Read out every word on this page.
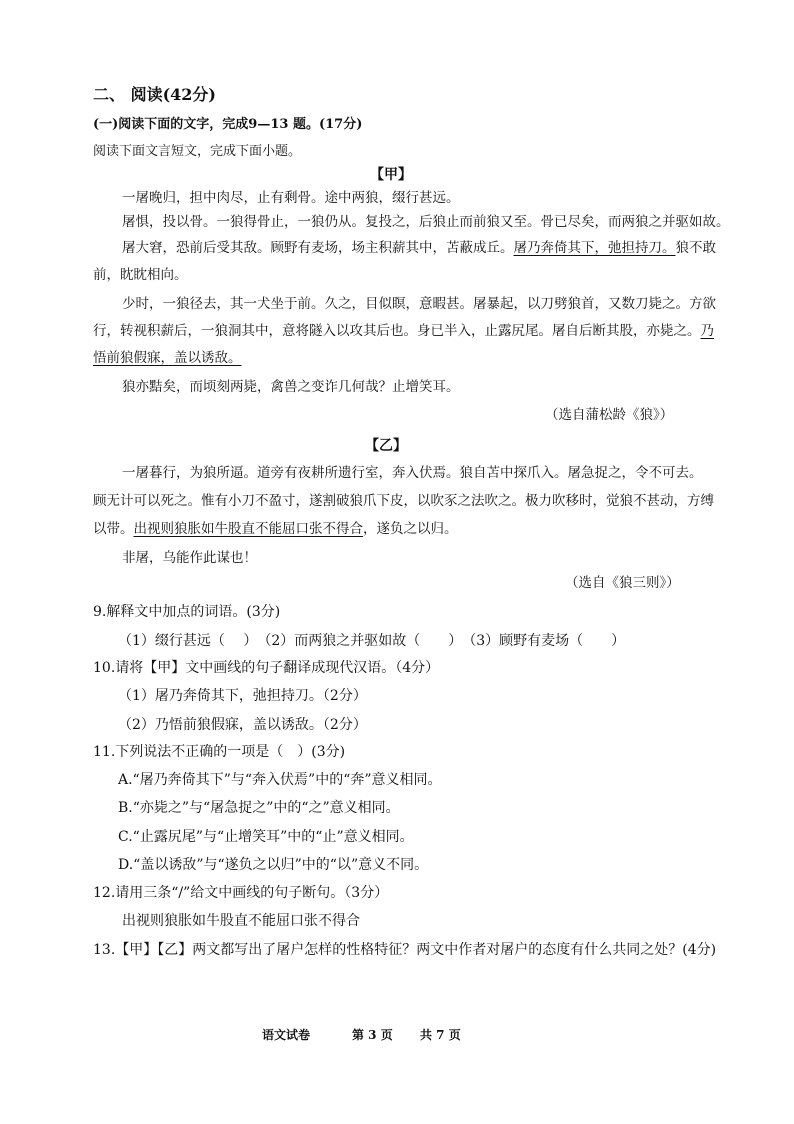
二、 阅读(42分)
(一)阅读下面的文字，完成9—13 题。(17分)
阅读下面文言短文，完成下面小题。
【甲】
一屠晚归，担中肉尽，止有剩骨。途中两狼，缀行甚远。
屠惧，投以骨。一狼得骨止，一狼仍从。复投之，后狼止而前狼又至。骨已尽矣，而两狼之并驱如故。
屠大窘，恐前后受其敌。顾野有麦场，场主积薪其中，苫蔽成丘。屠乃奔倚其下，弛担持刀。狼不敢
前，眈眈相向。
少时，一狼径去，其一犬坐于前。久之，目似瞑，意暇甚。屠暴起，以刀劈狼首，又数刀毙之。方欲
行，转视积薪后，一狼洞其中，意将隧入以攻其后也。身已半入，止露尻尾。屠自后断其股，亦毙之。乃
悟前狼假寐，盖以诱敌。
狼亦黠矣，而顷刻两毙，禽兽之变诈几何哉？止增笑耳。
（选自蒲松龄《狼》）
【乙】
一屠暮行，为狼所逼。道旁有夜耕所遗行室，奔入伏焉。狼自苫中探爪入。屠急捉之，令不可去。
顾无计可以死之。惟有小刀不盈寸，遂割破狼爪下皮，以吹豕之法吹之。极力吹移时，觉狼不甚动，方缚
以带。出视则狼胀如牛股直不能屈口张不得合，遂负之以归。
非屠，乌能作此谋也！
（选自《狼三则》）
9.解释文中加点的词语。(3分)
（1）缀行甚远（　 ）　（2）而两狼之并驱如故（　　）　（3）顾野有麦场（　　）
10.请将【甲】文中画线的句子翻译成现代汉语。（4分）
（1）屠乃奔倚其下，弛担持刀。（2分）
（2）乃悟前狼假寐，盖以诱敌。（2分）
11.下列说法不正确的一项是（　）(3分)
A.“屠乃奔倚其下”与“奔入伏焉”中的“奔”意义相同。
B.“亦毙之”与“屠急捉之”中的“之”意义相同。
C.“止露尻尾”与“止增笑耳”中的“止”意义相同。
D.“盖以诱敌”与“遂负之以归”中的“以”意义不同。
12.请用三条“/”给文中画线的句子断句。（3分）
出视则狼胀如牛股直不能屈口张不得合
13.【甲】【乙】两文都写出了屠户怎样的性格特征？两文中作者对屠户的态度有什么共同之处？(4分)
语文试卷	第 3 页 共 7 页
